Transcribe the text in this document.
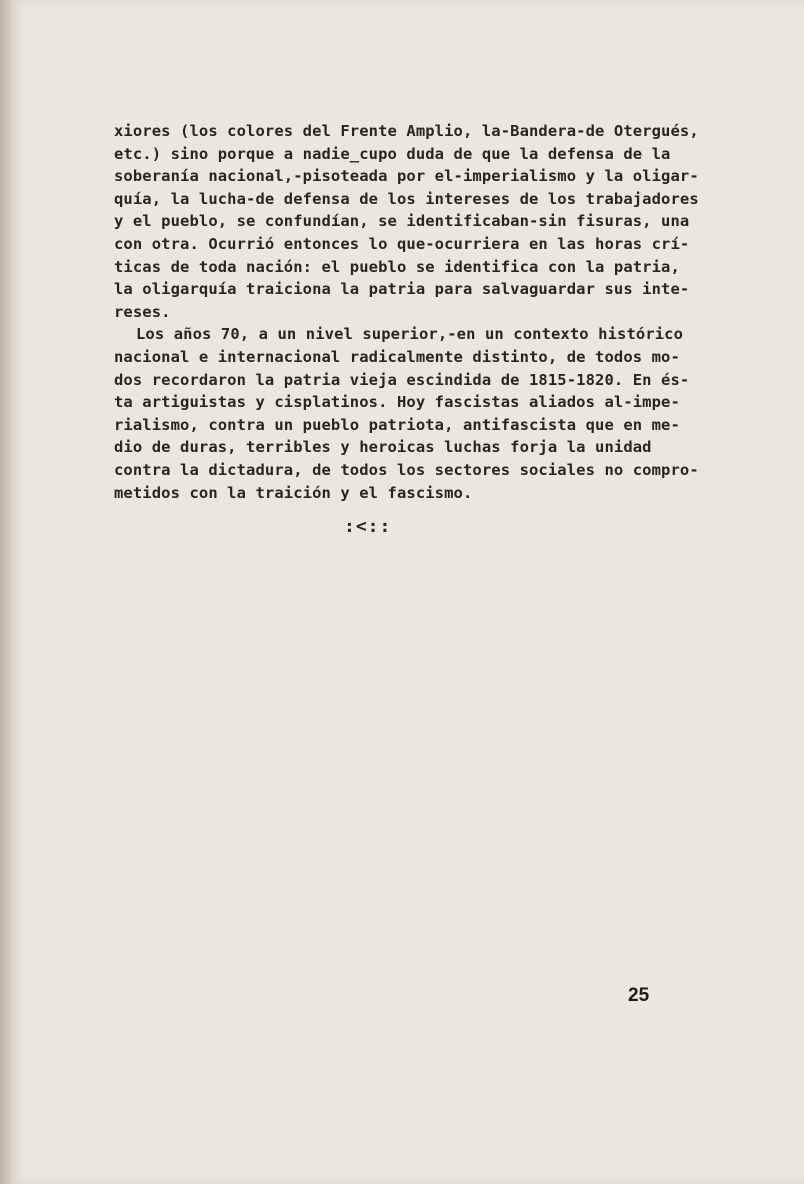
xiores (los colores del Frente Amplio, la-Bandera-de Otergués,
etc.) sino porque a nadie_cupo duda de que la defensa de la
soberanía nacional,-pisoteada por el-imperialismo y la oligar-
quía, la lucha-de defensa de los intereses de los trabajadores
y el pueblo, se confundían, se identificaban-sin fisuras, una
con otra. Ocurrió entonces lo que-ocurriera en las horas crí-
ticas de toda nación: el pueblo se identifica con la patria,
la oligarquía traiciona la patria para salvaguardar sus inte-
reses.
Los años 70, a un nivel superior,-en un contexto histórico
nacional e internacional radicalmente distinto, de todos mo-
dos recordaron la patria vieja escindida de 1815-1820. En és-
ta artiguistas y cisplatinos. Hoy fascistas aliados al-impe-
rialismo, contra un pueblo patriota, antifascista que en me-
dio de duras, terribles y heroicas luchas forja la unidad
contra la dictadura, de todos los sectores sociales no compro-
metidos con la traición y el fascismo.
:<::
25
